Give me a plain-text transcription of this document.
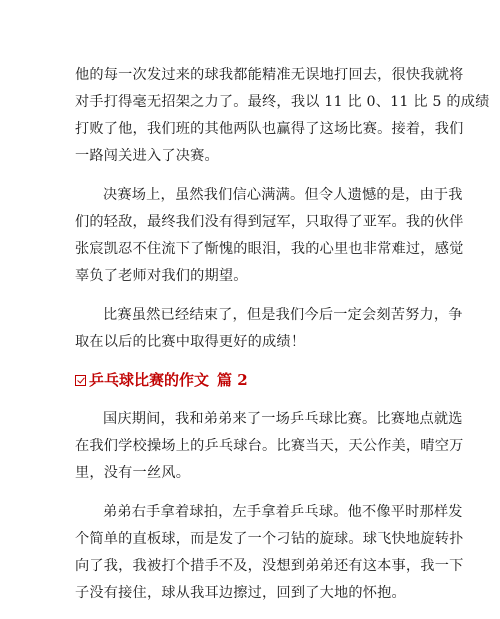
他的每一次发过来的球我都能精准无误地打回去，很快我就将
对手打得毫无招架之力了。最终，我以 11 比 0、11 比 5 的成绩
打败了他，我们班的其他两队也赢得了这场比赛。接着，我们
一路闯关进入了决赛。

决赛场上，虽然我们信心满满。但令人遗憾的是，由于我
们的轻敌，最终我们没有得到冠军，只取得了亚军。我的伙伴
张宸凯忍不住流下了惭愧的眼泪，我的心里也非常难过，感觉
辜负了老师对我们的期望。

比赛虽然已经结束了，但是我们今后一定会刻苦努力，争
取在以后的比赛中取得更好的成绩！

乒乓球比赛的作文 篇 2

国庆期间，我和弟弟来了一场乒乓球比赛。比赛地点就选
在我们学校操场上的乒乓球台。比赛当天，天公作美，晴空万
里，没有一丝风。

弟弟右手拿着球拍，左手拿着乒乓球。他不像平时那样发
个简单的直板球，而是发了一个刁钻的旋球。球飞快地旋转扑
向了我，我被打个措手不及，没想到弟弟还有这本事，我一下
子没有接住，球从我耳边擦过，回到了大地的怀抱。
